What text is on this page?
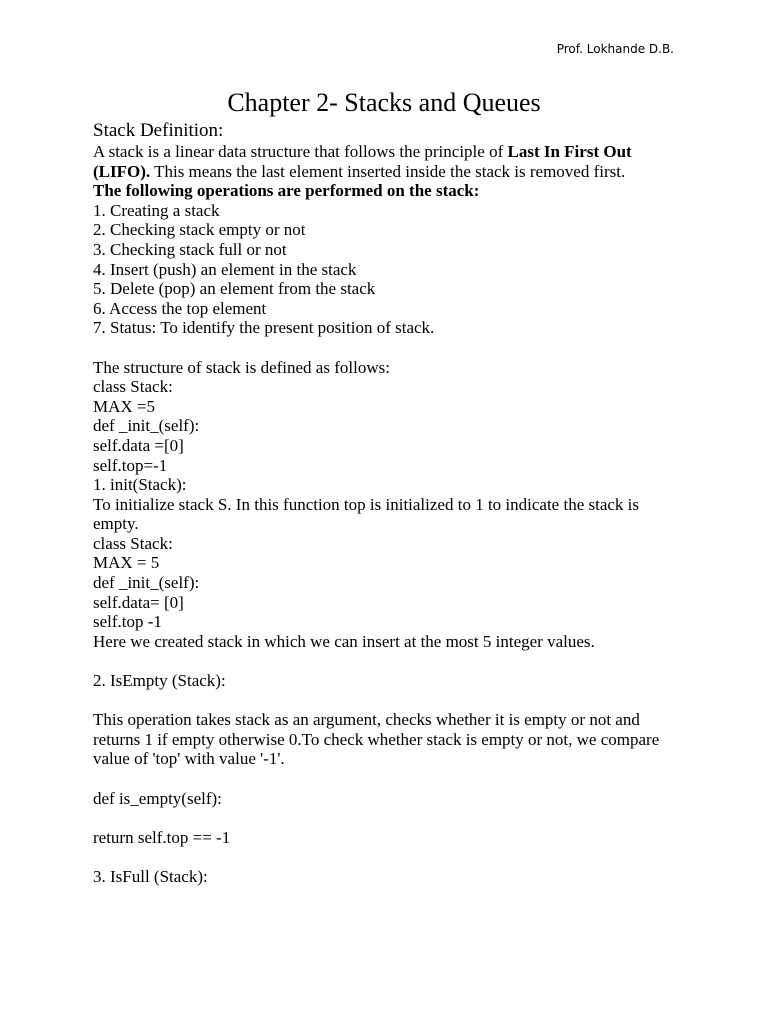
Prof. Lokhande D.B.
Chapter 2- Stacks and Queues

Stack Definition:

A stack is a linear data structure that follows the principle of Last In First Out (LIFO). This means the last element inserted inside the stack is removed first.

The following operations are performed on the stack:

1. Creating a stack
2. Checking stack empty or not
3. Checking stack full or not
4. Insert (push) an element in the stack
5. Delete (pop) an element from the stack
6. Access the top element
7. Status: To identify the present position of stack.

The structure of stack is defined as follows:

class Stack:

MAX =5

def _init_(self):

self.data =[0]

self.top=-1

1. init(Stack):

To initialize stack S. In this function top is initialized to 1 to indicate the stack is empty.

class Stack:

MAX = 5

def _init_(self):

self.data= [0]

self.top -1

Here we created stack in which we can insert at the most 5 integer values.

2. IsEmpty (Stack):

This operation takes stack as an argument, checks whether it is empty or not and returns 1 if empty otherwise 0.To check whether stack is empty or not, we compare value of 'top' with value '-1'.

def is_empty(self):

return self.top == -1

3. IsFull (Stack):
